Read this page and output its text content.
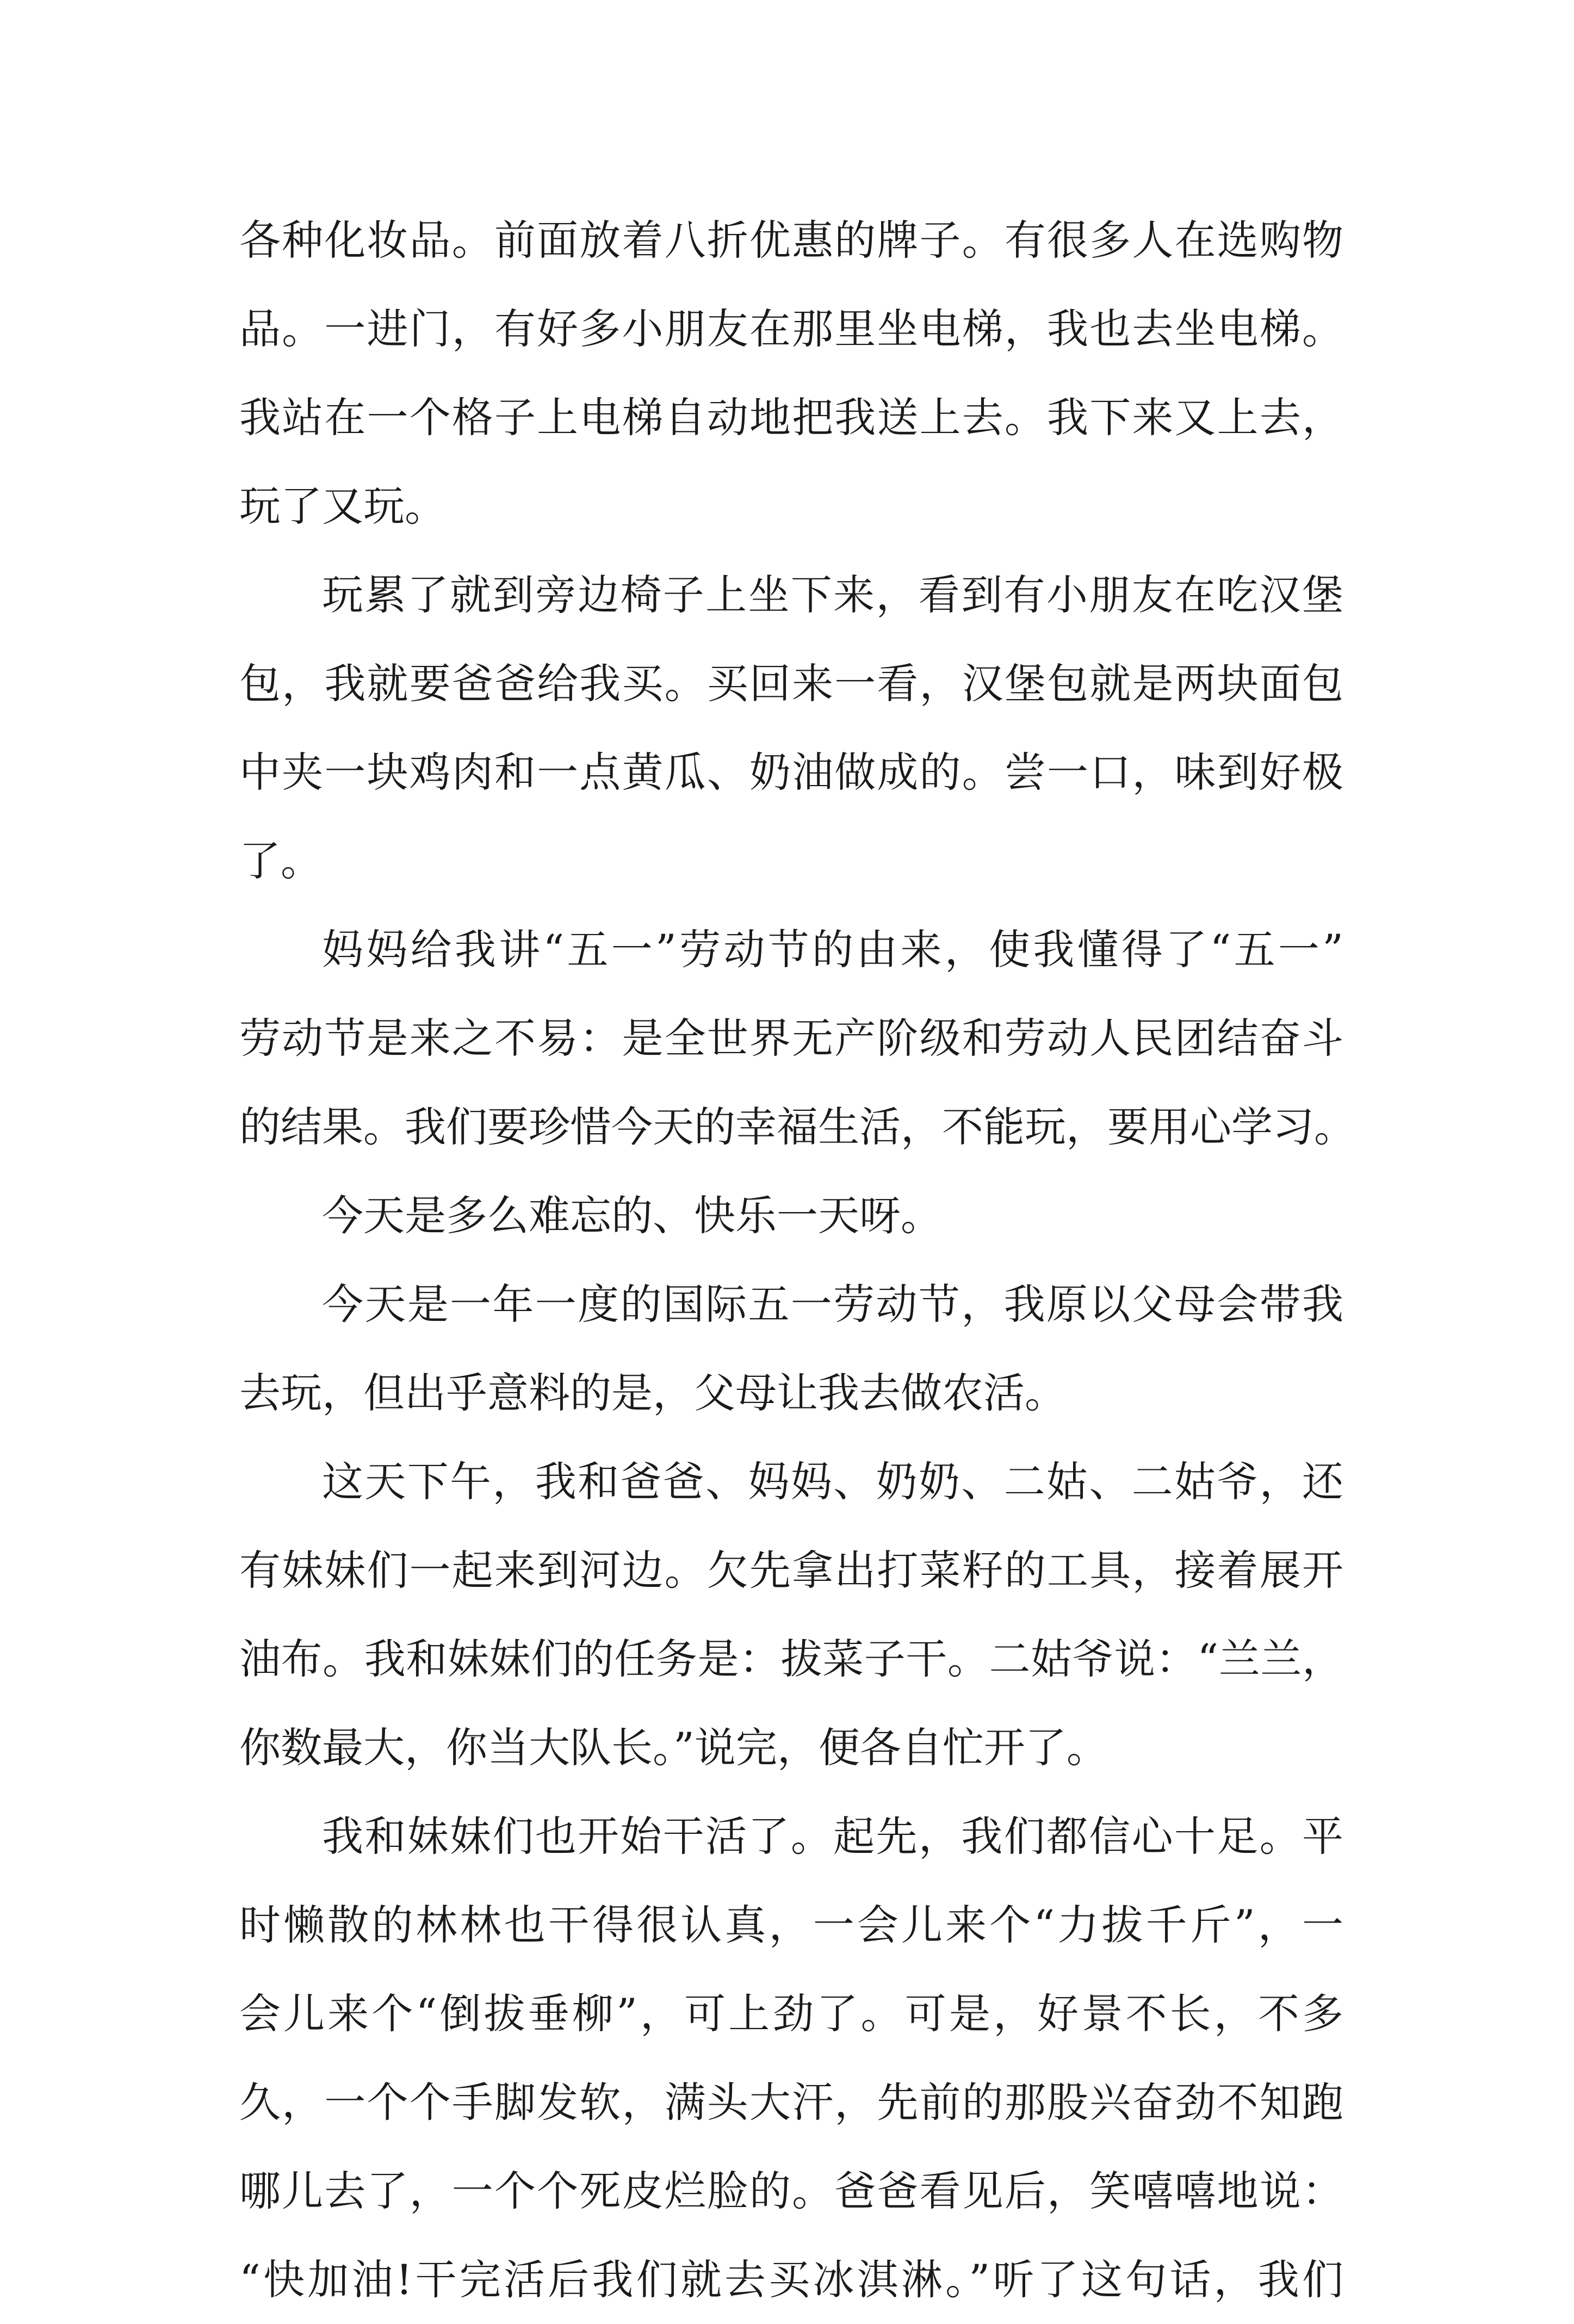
各种化妆品。前面放着八折优惠的牌子。有很多人在选购物
品。一进门，有好多小朋友在那里坐电梯，我也去坐电梯。
我站在一个格子上电梯自动地把我送上去。我下来又上去，
玩了又玩。
玩累了就到旁边椅子上坐下来，看到有小朋友在吃汉堡
包，我就要爸爸给我买。买回来一看，汉堡包就是两块面包
中夹一块鸡肉和一点黄瓜、奶油做成的。尝一口，味到好极
了。
妈妈给我讲“五一”劳动节的由来，使我懂得了“五一”
劳动节是来之不易：是全世界无产阶级和劳动人民团结奋斗
的结果。我们要珍惜今天的幸福生活，不能玩，要用心学习。
今天是多么难忘的、快乐一天呀。
今天是一年一度的国际五一劳动节，我原以父母会带我
去玩，但出乎意料的是，父母让我去做农活。
这天下午，我和爸爸、妈妈、奶奶、二姑、二姑爷，还
有妹妹们一起来到河边。欠先拿出打菜籽的工具，接着展开
油布。我和妹妹们的任务是：拔菜子干。二姑爷说：“兰兰，
你数最大，你当大队长。”说完，便各自忙开了。
我和妹妹们也开始干活了。起先，我们都信心十足。平
时懒散的林林也干得很认真，一会儿来个“力拔千斤”，一
会儿来个“倒拔垂柳”，可上劲了。可是，好景不长，不多
久，一个个手脚发软，满头大汗，先前的那股兴奋劲不知跑
哪儿去了，一个个死皮烂脸的。爸爸看见后，笑嘻嘻地说：
“快加油!干完活后我们就去买冰淇淋。”听了这句话，我们
